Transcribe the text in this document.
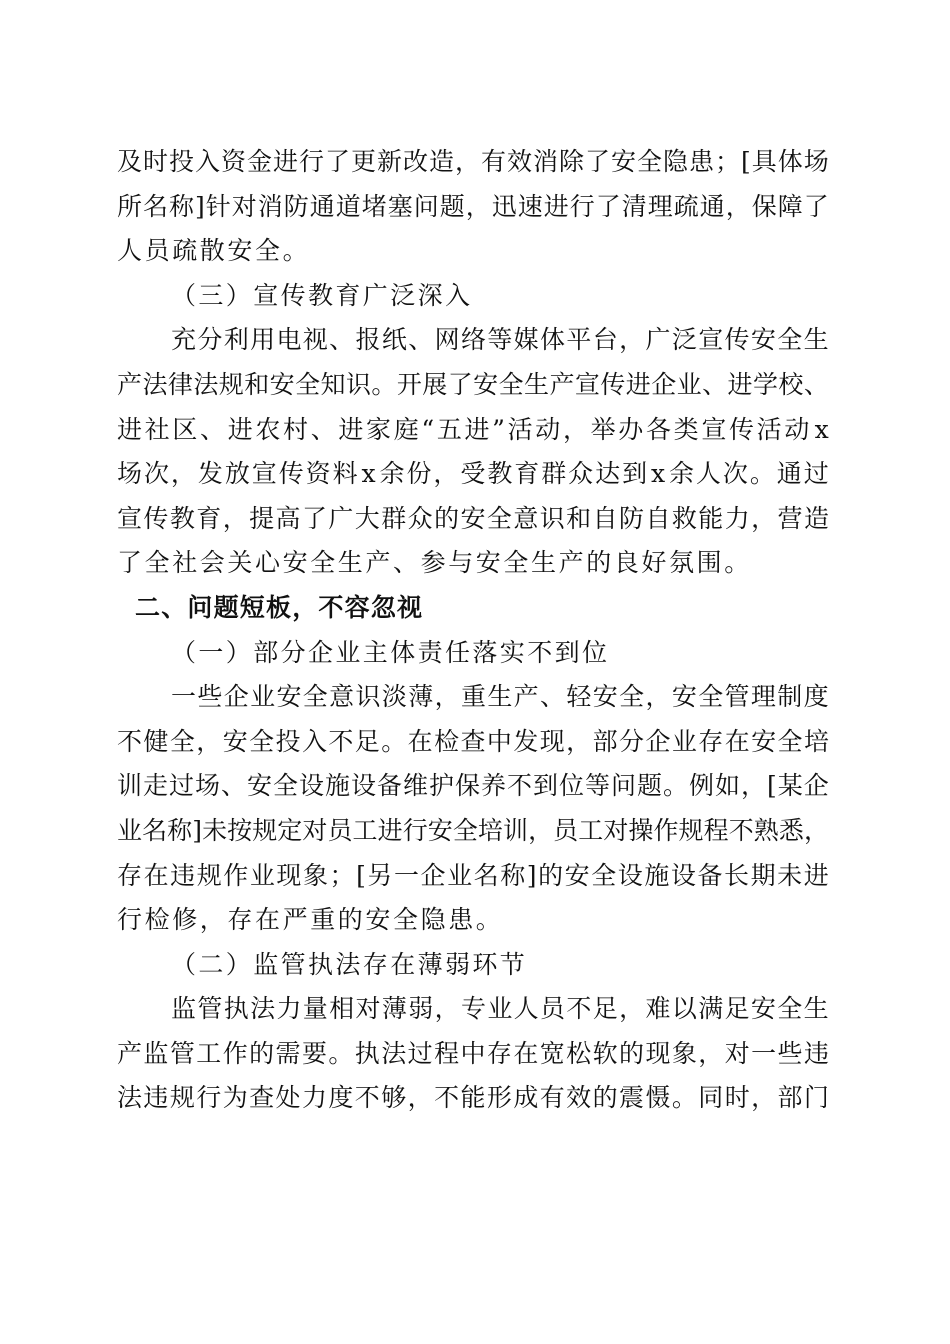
及 时 投 入 资 金 进 行 了 更 新 改 造 ， 有 效 消 除 了 安 全 隐 患 ； [ 具 体 场
所 名 称 ] 针 对 消 防 通 道 堵 塞 问 题 ， 迅 速 进 行 了 清 理 疏 通 ， 保 障 了
人员疏散安全。
（三）宣传教育广泛深入
充 分 利 用 电 视 、 报 纸 、 网 络 等 媒 体 平 台 ， 广 泛 宣 传 安 全 生
产 法 律 法 规 和 安 全 知 识 。 开 展 了 安 全 生 产 宣 传 进 企 业 、 进 学 校 、
进 社 区 、 进 农 村 、 进 家 庭 “ 五 进 ” 活 动 ， 举 办 各 类 宣 传 活 动 x
场 次 ， 发 放 宣 传 资 料 x 余 份 ， 受 教 育 群 众 达 到 x 余 人 次 。 通 过
宣 传 教 育 ， 提 高 了 广 大 群 众 的 安 全 意 识 和 自 防 自 救 能 力 ， 营 造
了全社会关心安全生产、参与安全生产的良好氛围。
二、问题短板，不容忽视
（一）部分企业主体责任落实不到位
一 些 企 业 安 全 意 识 淡 薄 ， 重 生 产 、 轻 安 全 ， 安 全 管 理 制 度
不 健 全 ， 安 全 投 入 不 足 。 在 检 查 中 发 现 ， 部 分 企 业 存 在 安 全 培
训 走 过 场 、 安 全 设 施 设 备 维 护 保 养 不 到 位 等 问 题 。 例 如 ， [ 某 企
业 名 称 ] 未 按 规 定 对 员 工 进 行 安 全 培 训 ， 员 工 对 操 作 规 程 不 熟 悉 ，
存 在 违 规 作 业 现 象 ； [ 另 一 企 业 名 称 ] 的 安 全 设 施 设 备 长 期 未 进
行检修，存在严重的安全隐患。
（二）监管执法存在薄弱环节
监 管 执 法 力 量 相 对 薄 弱 ， 专 业 人 员 不 足 ， 难 以 满 足 安 全 生
产 监 管 工 作 的 需 要 。 执 法 过 程 中 存 在 宽 松 软 的 现 象 ， 对 一 些 违
法 违 规 行 为 查 处 力 度 不 够 ， 不 能 形 成 有 效 的 震 慑 。 同 时 ， 部 门
